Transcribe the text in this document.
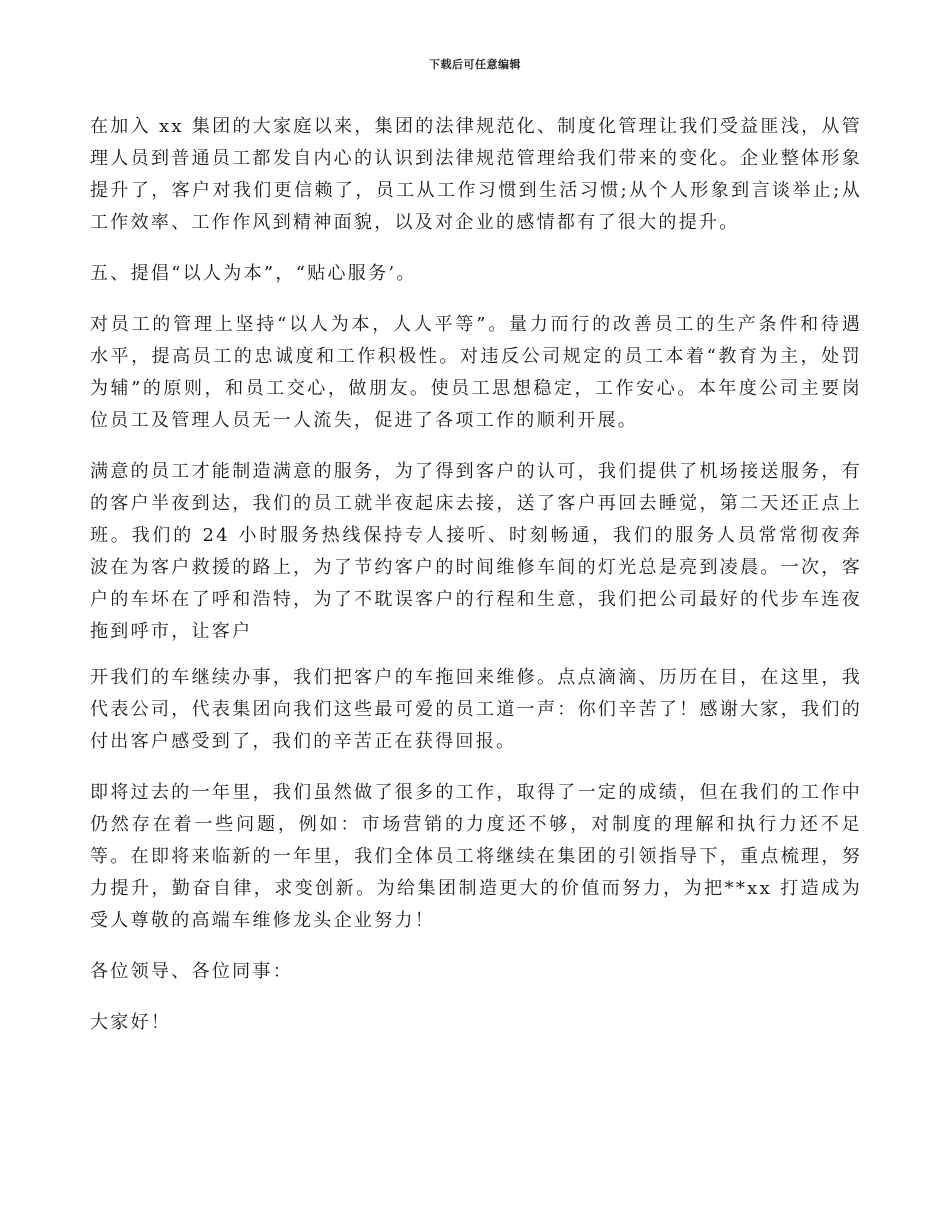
下载后可任意编辑

在加入 xx 集团的大家庭以来，集团的法律规范化、制度化管理让我们受益匪浅，从管理人员到普通员工都发自内心的认识到法律规范管理给我们带来的变化。企业整体形象提升了，客户对我们更信赖了，员工从工作习惯到生活习惯;从个人形象到言谈举止;从工作效率、工作作风到精神面貌，以及对企业的感情都有了很大的提升。

五、提倡“以人为本”，“贴心服务’。

对员工的管理上坚持“以人为本，人人平等”。量力而行的改善员工的生产条件和待遇水平，提高员工的忠诚度和工作积极性。对违反公司规定的员工本着“教育为主，处罚为辅”的原则，和员工交心，做朋友。使员工思想稳定，工作安心。本年度公司主要岗位员工及管理人员无一人流失，促进了各项工作的顺利开展。

满意的员工才能制造满意的服务，为了得到客户的认可，我们提供了机场接送服务，有的客户半夜到达，我们的员工就半夜起床去接，送了客户再回去睡觉，第二天还正点上班。我们的 24 小时服务热线保持专人接听、时刻畅通，我们的服务人员常常彻夜奔波在为客户救援的路上，为了节约客户的时间维修车间的灯光总是亮到凌晨。一次，客户的车坏在了呼和浩特，为了不耽误客户的行程和生意，我们把公司最好的代步车连夜拖到呼市，让客户

开我们的车继续办事，我们把客户的车拖回来维修。点点滴滴、历历在目，在这里，我代表公司，代表集团向我们这些最可爱的员工道一声：你们辛苦了！感谢大家，我们的付出客户感受到了，我们的辛苦正在获得回报。

即将过去的一年里，我们虽然做了很多的工作，取得了一定的成绩，但在我们的工作中仍然存在着一些问题，例如：市场营销的力度还不够，对制度的理解和执行力还不足等。在即将来临新的一年里，我们全体员工将继续在集团的引领指导下，重点梳理，努力提升，勤奋自律，求变创新。为给集团制造更大的价值而努力，为把**xx 打造成为受人尊敬的高端车维修龙头企业努力！

各位领导、各位同事：

大家好！
